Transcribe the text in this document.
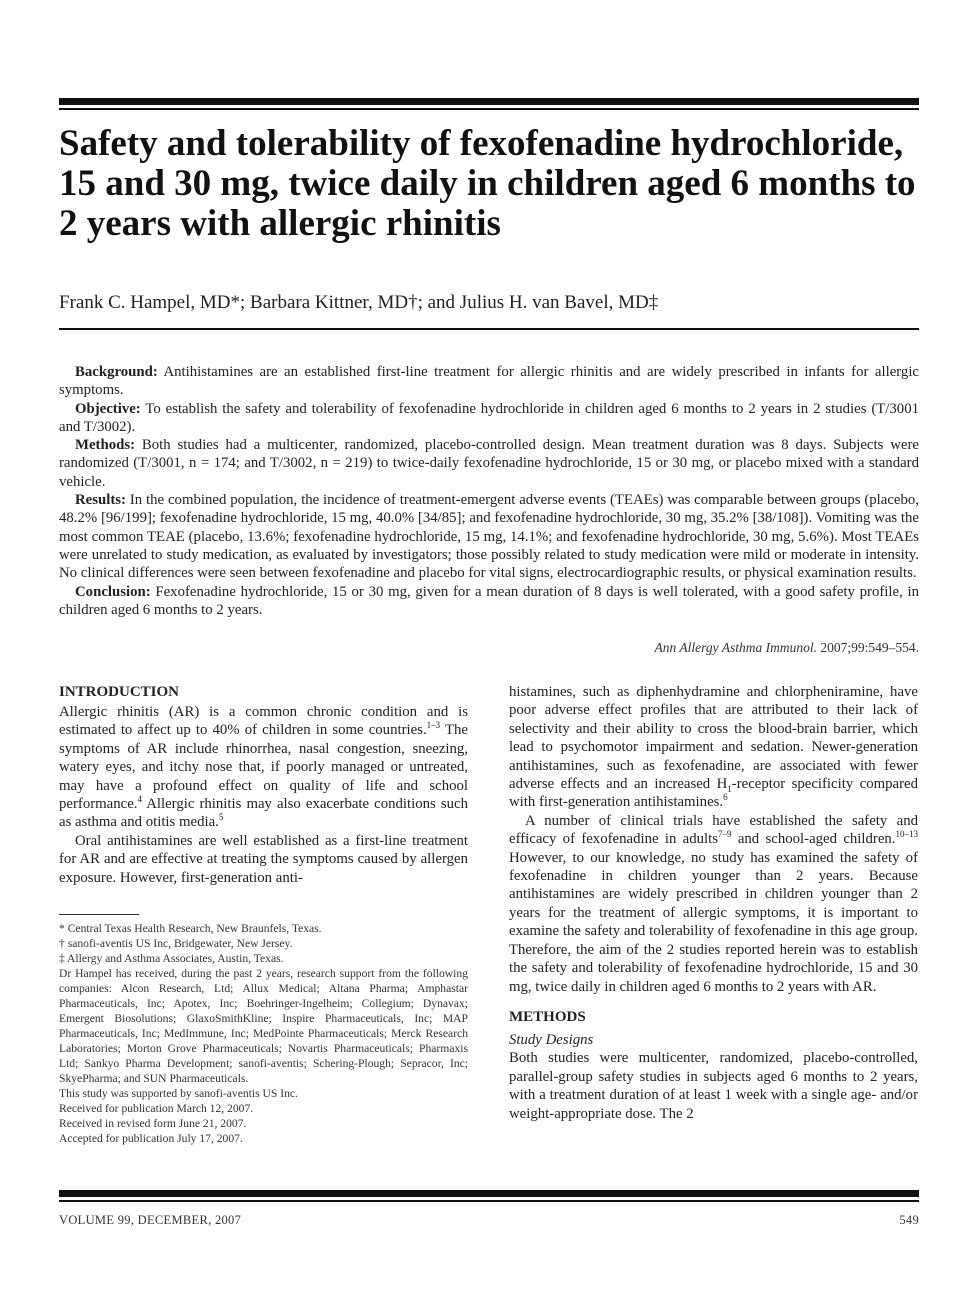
Safety and tolerability of fexofenadine hydrochloride, 15 and 30 mg, twice daily in children aged 6 months to 2 years with allergic rhinitis
Frank C. Hampel, MD*; Barbara Kittner, MD†; and Julius H. van Bavel, MD‡

Background: Antihistamines are an established first-line treatment for allergic rhinitis and are widely prescribed in infants for allergic symptoms.

Objective: To establish the safety and tolerability of fexofenadine hydrochloride in children aged 6 months to 2 years in 2 studies (T/3001 and T/3002).

Methods: Both studies had a multicenter, randomized, placebo-controlled design. Mean treatment duration was 8 days. Subjects were randomized (T/3001, n = 174; and T/3002, n = 219) to twice-daily fexofenadine hydrochloride, 15 or 30 mg, or placebo mixed with a standard vehicle.

Results: In the combined population, the incidence of treatment-emergent adverse events (TEAEs) was comparable between groups (placebo, 48.2% [96/199]; fexofenadine hydrochloride, 15 mg, 40.0% [34/85]; and fexofenadine hydrochloride, 30 mg, 35.2% [38/108]). Vomiting was the most common TEAE (placebo, 13.6%; fexofenadine hydrochloride, 15 mg, 14.1%; and fexofenadine hydrochloride, 30 mg, 5.6%). Most TEAEs were unrelated to study medication, as evaluated by investigators; those possibly related to study medication were mild or moderate in intensity. No clinical differences were seen between fexofenadine and placebo for vital signs, electrocardiographic results, or physical examination results.

Conclusion: Fexofenadine hydrochloride, 15 or 30 mg, given for a mean duration of 8 days is well tolerated, with a good safety profile, in children aged 6 months to 2 years.

Ann Allergy Asthma Immunol. 2007;99:549–554.
INTRODUCTION

Allergic rhinitis (AR) is a common chronic condition and is estimated to affect up to 40% of children in some countries.$^{1-3}$ The symptoms of AR include rhinorrhea, nasal congestion, sneezing, watery eyes, and itchy nose that, if poorly managed or untreated, may have a profound effect on quality of life and school performance.$^4$ Allergic rhinitis may also exacerbate conditions such as asthma and otitis media.$^5$

Oral antihistamines are well established as a first-line treatment for AR and are effective at treating the symptoms caused by allergen exposure. However, first-generation anti-

* Central Texas Health Research, New Braunfels, Texas.
† sanofi-aventis US Inc, Bridgewater, New Jersey.
‡ Allergy and Asthma Associates, Austin, Texas.
Dr Hampel has received, during the past 2 years, research support from the following companies: Alcon Research, Ltd; Allux Medical; Altana Pharma; Amphastar Pharmaceuticals, Inc; Apotex, Inc; Boehringer-Ingelheim; Collegium; Dynavax; Emergent Biosolutions; GlaxoSmithKline; Inspire Pharmaceuticals, Inc; MAP Pharmaceuticals, Inc; MedImmune, Inc; MedPointe Pharmaceuticals; Merck Research Laboratories; Morton Grove Pharmaceuticals; Novartis Pharmaceuticals; Pharmaxis Ltd; Sankyo Pharma Development; sanofi-aventis; Schering-Plough; Sepracor, Inc; SkyePharma; and SUN Pharmaceuticals.
This study was supported by sanofi-aventis US Inc.
Received for publication March 12, 2007.
Received in revised form June 21, 2007.
Accepted for publication July 17, 2007.

histamines, such as diphenhydramine and chlorpheniramine, have poor adverse effect profiles that are attributed to their lack of selectivity and their ability to cross the blood-brain barrier, which lead to psychomotor impairment and sedation. Newer-generation antihistamines, such as fexofenadine, are associated with fewer adverse effects and an increased $H_1$-receptor specificity compared with first-generation antihistamines.$^6$

A number of clinical trials have established the safety and efficacy of fexofenadine in adults$^{7-9}$ and school-aged children.$^{10-13}$ However, to our knowledge, no study has examined the safety of fexofenadine in children younger than 2 years. Because antihistamines are widely prescribed in children younger than 2 years for the treatment of allergic symptoms, it is important to examine the safety and tolerability of fexofenadine in this age group. Therefore, the aim of the 2 studies reported herein was to establish the safety and tolerability of fexofenadine hydrochloride, 15 and 30 mg, twice daily in children aged 6 months to 2 years with AR.

METHODS
Study Designs

Both studies were multicenter, randomized, placebo-controlled, parallel-group safety studies in subjects aged 6 months to 2 years, with a treatment duration of at least 1 week with a single age- and/or weight-appropriate dose. The 2

VOLUME 99, DECEMBER, 2007	549
